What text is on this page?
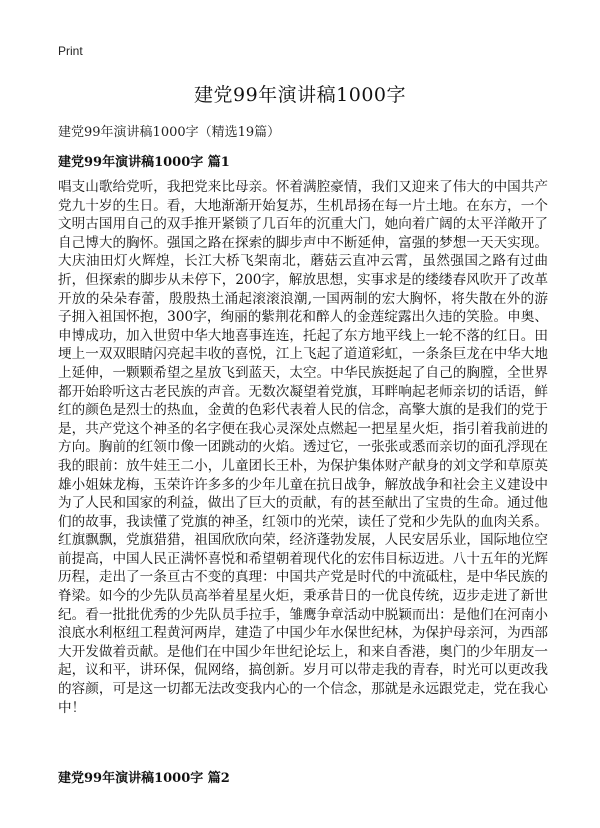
Print
建党99年演讲稿1000字
建党99年演讲稿1000字（精选19篇）
建党99年演讲稿1000字 篇1

唱支山歌给党听，我把党来比母亲。怀着满腔豪情，我们又迎来了伟大的中国共产党九十岁的生日。看，大地渐渐开始复苏，生机昂扬在每一片土地。在东方，一个文明古国用自己的双手推开紧锁了几百年的沉重大门，她向着广阔的太平洋敞开了自己博大的胸怀。强国之路在探索的脚步声中不断延伸，富强的梦想一天天实现。大庆油田灯火辉煌，长江大桥飞架南北，蘑菇云直冲云霄，虽然强国之路有过曲折，但探索的脚步从未停下，200字，解放思想，实事求是的缕缕春风吹开了改革开放的朵朵春蕾，殷殷热土涌起滚滚浪潮,一国两制的宏大胸怀，将失散在外的游子拥入祖国怀抱，300字，绚丽的紫荆花和醉人的金莲绽露出久违的笑脸。申奥、申博成功，加入世贸中华大地喜事连连，托起了东方地平线上一轮不落的红日。田埂上一双双眼睛闪亮起丰收的喜悦，江上飞起了道道彩虹，一条条巨龙在中华大地上延伸，一颗颗希望之星放飞到蓝天，太空。中华民族挺起了自己的胸膛，全世界都开始聆听这古老民族的声音。无数次凝望着党旗，耳畔响起老师亲切的话语，鲜红的颜色是烈士的热血，金黄的色彩代表着人民的信念，高擎大旗的是我们的党于是，共产党这个神圣的名字便在我心灵深处点燃起一把星星火炬，指引着我前进的方向。胸前的红领巾像一团跳动的火焰。透过它，一张张或悉而亲切的面孔浮现在我的眼前：放牛娃王二小，儿童团长王朴，为保护集体财产献身的刘文学和草原英雄小姐妹龙梅，玉荣许许多多的少年儿童在抗日战争，解放战争和社会主义建设中为了人民和国家的利益，做出了巨大的贡献，有的甚至献出了宝贵的生命。通过他们的故事，我读懂了党旗的神圣，红领巾的光荣，读任了党和少先队的血肉关系。红旗飘飘，党旗猎猎，祖国欣欣向荣，经济蓬勃发展，人民安居乐业，国际地位空前提高，中国人民正满怀喜悦和希望朝着现代化的宏伟目标迈进。八十五年的光辉历程，走出了一条亘古不变的真理：中国共产党是时代的中流砥柱，是中华民族的脊梁。如今的少先队员高举着星星火炬，秉承昔日的一优良传统，迈步走进了新世纪。看一批批优秀的少先队员手拉手，雏鹰争章活动中脱颖而出：是他们在河南小浪底水利枢纽工程黄河两岸，建造了中国少年水保世纪林，为保护母亲河，为西部大开发做着贡献。是他们在中国少年世纪论坛上，和来自香港，奥门的少年朋友一起，议和平，讲环保，侃网络，搞创新。岁月可以带走我的青春，时光可以更改我的容颜，可是这一切都无法改变我内心的一个信念，那就是永远跟党走，党在我心中！

建党99年演讲稿1000字 篇2
